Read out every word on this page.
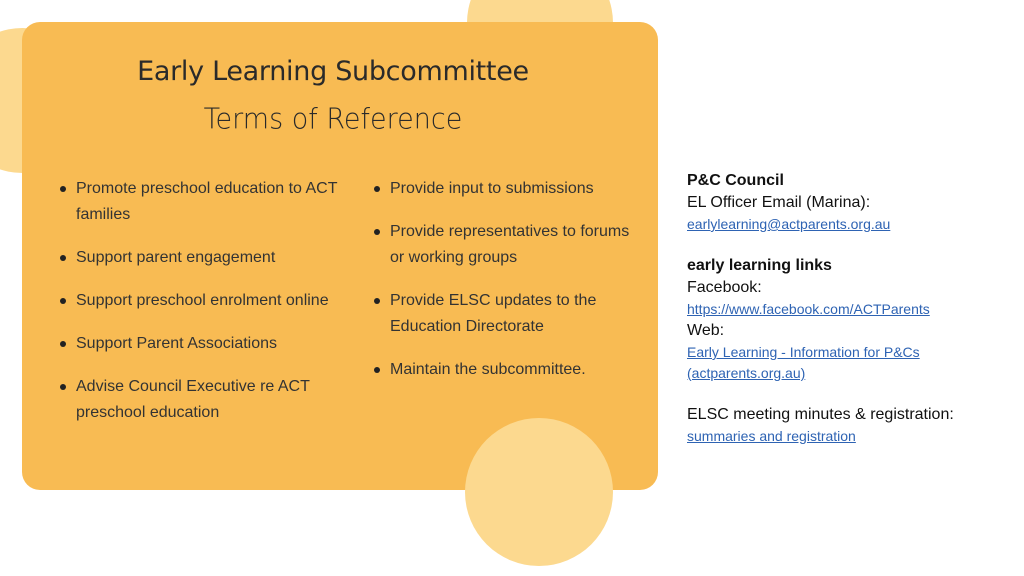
Early Learning Subcommittee
Terms of Reference
Promote preschool education to ACT families
Support parent engagement
Support preschool enrolment online
Support Parent Associations
Advise Council Executive re ACT preschool education
Provide input to submissions
Provide representatives to forums or working groups
Provide ELSC updates to the Education Directorate
Maintain the subcommittee.
P&C Council
EL Officer Email (Marina):
earlylearning@actparents.org.au
early learning links
Facebook:
https://www.facebook.com/ACTParents
Web:
Early Learning - Information for P&Cs
(actparents.org.au)
ELSC meeting minutes & registration:
summaries and registration
